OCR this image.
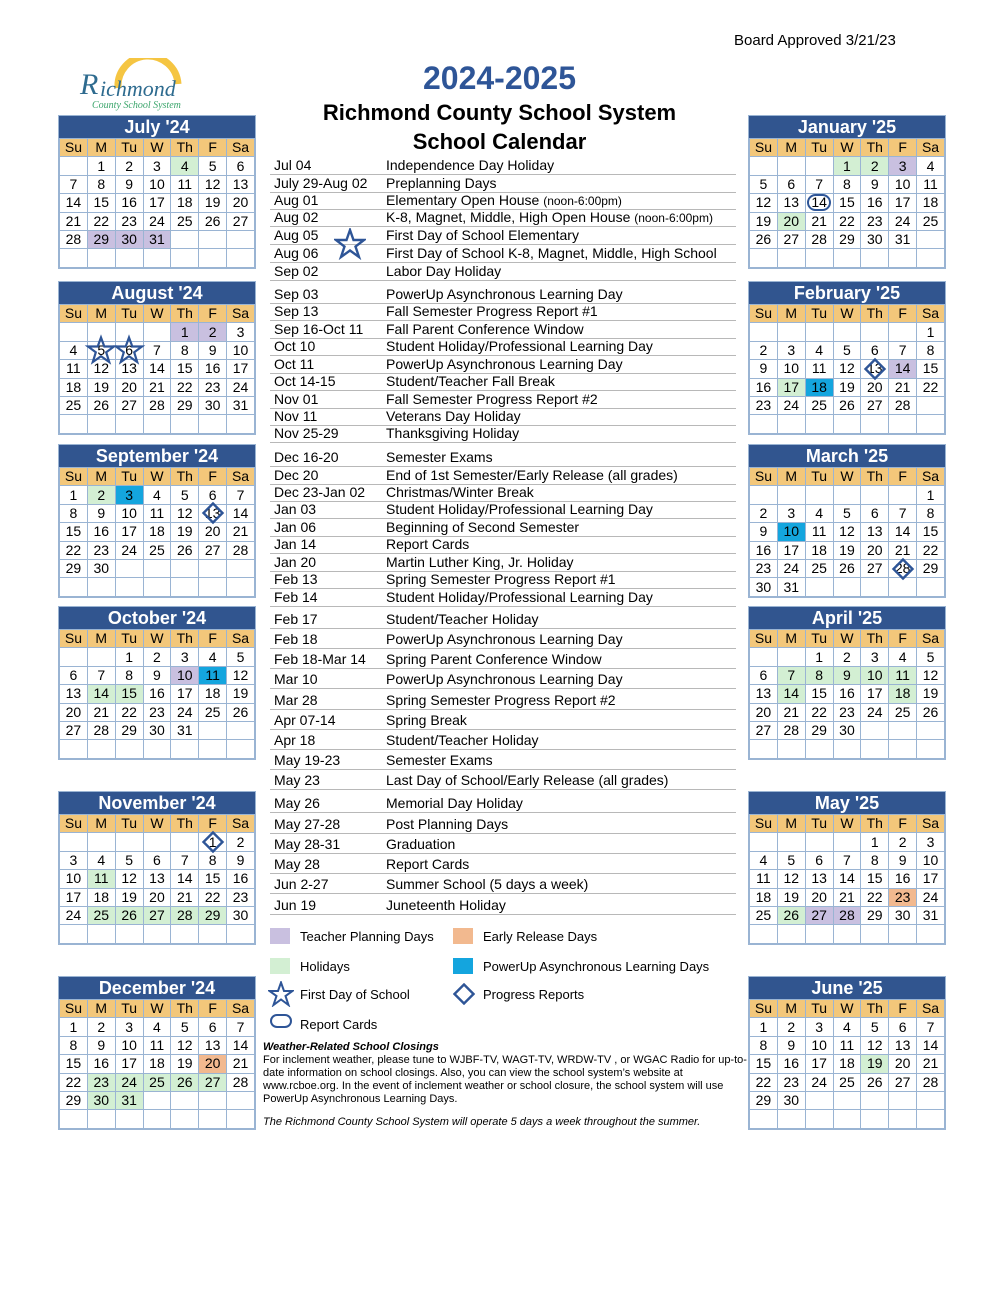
Board Approved 3/21/23
R ichmond
County School System
2024-2025
Richmond County School System
School Calendar
July '24
Su	M	Tu	W	Th	F	Sa
	1	2	3	4	5	6
7	8	9	10	11	12	13
14	15	16	17	18	19	20
21	22	23	24	25	26	27
28	29	30	31			

August '24
Su	M	Tu	W	Th	F	Sa
				1	2	3
4	5	6	7	8	9	10
11	12	13	14	15	16	17
18	19	20	21	22	23	24
25	26	27	28	29	30	31

September '24
Su	M	Tu	W	Th	F	Sa
1	2	3	4	5	6	7
8	9	10	11	12	13	14
15	16	17	18	19	20	21
22	23	24	25	26	27	28
29	30					

October '24
Su	M	Tu	W	Th	F	Sa
		1	2	3	4	5
6	7	8	9	10	11	12
13	14	15	16	17	18	19
20	21	22	23	24	25	26
27	28	29	30	31		

November '24
Su	M	Tu	W	Th	F	Sa
					1	2
3	4	5	6	7	8	9
10	11	12	13	14	15	16
17	18	19	20	21	22	23
24	25	26	27	28	29	30

December '24
Su	M	Tu	W	Th	F	Sa
1	2	3	4	5	6	7
8	9	10	11	12	13	14
15	16	17	18	19	20	21
22	23	24	25	26	27	28
29	30	31				

January '25
Su	M	Tu	W	Th	F	Sa
			1	2	3	4
5	6	7	8	9	10	11
12	13	14	15	16	17	18
19	20	21	22	23	24	25
26	27	28	29	30	31	

February '25
Su	M	Tu	W	Th	F	Sa
						1
2	3	4	5	6	7	8
9	10	11	12	13	14	15
16	17	18	19	20	21	22
23	24	25	26	27	28	

March '25
Su	M	Tu	W	Th	F	Sa
						1
2	3	4	5	6	7	8
9	10	11	12	13	14	15
16	17	18	19	20	21	22
23	24	25	26	27	28	29
30	31					
April '25
Su	M	Tu	W	Th	F	Sa
		1	2	3	4	5
6	7	8	9	10	11	12
13	14	15	16	17	18	19
20	21	22	23	24	25	26
27	28	29	30			

May '25
Su	M	Tu	W	Th	F	Sa
				1	2	3
4	5	6	7	8	9	10
11	12	13	14	15	16	17
18	19	20	21	22	23	24
25	26	27	28	29	30	31

June '25
Su	M	Tu	W	Th	F	Sa
1	2	3	4	5	6	7
8	9	10	11	12	13	14
15	16	17	18	19	20	21
22	23	24	25	26	27	28
29	30					

Jul 04	Independence Day Holiday
July 29-Aug 02 Preplanning Days
Aug 01	Elementary Open House (noon-6:00pm)
Aug 02	K-8, Magnet, Middle, High Open House (noon-6:00pm)
Aug 05	First Day of School Elementary
Aug 06	First Day of School K-8, Magnet, Middle, High School
Sep 02	Labor Day Holiday
Sep 03	PowerUp Asynchronous Learning Day
Sep 13	Fall Semester Progress Report #1
Sep 16-Oct 11 Fall Parent Conference Window
Oct 10	Student Holiday/Professional Learning Day
Oct 11	PowerUp Asynchronous Learning Day
Oct 14-15	Student/Teacher Fall Break
Nov 01	Fall Semester Progress Report #2
Nov 11	Veterans Day Holiday
Nov 25-29	Thanksgiving Holiday
Dec 16-20	Semester Exams
Dec 20	End of 1st Semester/Early Release (all grades)
Dec 23-Jan 02 Christmas/Winter Break
Jan 03	Student Holiday/Professional Learning Day
Jan 06	Beginning of Second Semester
Jan 14	Report Cards
Jan 20	Martin Luther King, Jr. Holiday
Feb 13	Spring Semester Progress Report #1
Feb 14	Student Holiday/Professional Learning Day
Feb 17	Student/Teacher Holiday
Feb 18	PowerUp Asynchronous Learning Day
Feb 18-Mar 14 Spring Parent Conference Window
Mar 10	PowerUp Asynchronous Learning Day
Mar 28	Spring Semester Progress Report #2
Apr 07-14	Spring Break
Apr 18	Student/Teacher Holiday
May 19-23	Semester Exams
May 23	Last Day of School/Early Release (all grades)
May 26	Memorial Day Holiday
May 27-28	Post Planning Days
May 28-31	Graduation
May 28	Report Cards
Jun 2-27	Summer School (5 days a week)
Jun 19	Juneteenth Holiday
Teacher Planning Days	Early Release Days
Holidays	PowerUp Asynchronous Learning Days
First Day of School	Progress Reports
Report Cards
Weather-Related School Closings
For inclement weather, please tune to WJBF-TV, WAGT-TV, WRDW-TV , or WGAC Radio for up-to-date information on school closings. Also, you can view the school system’s website at www.rcboe.org. In the event of inclement weather or school closure, the school system will use PowerUp Asynchronous Learning Days.
The Richmond County School System will operate 5 days a week throughout the summer.
